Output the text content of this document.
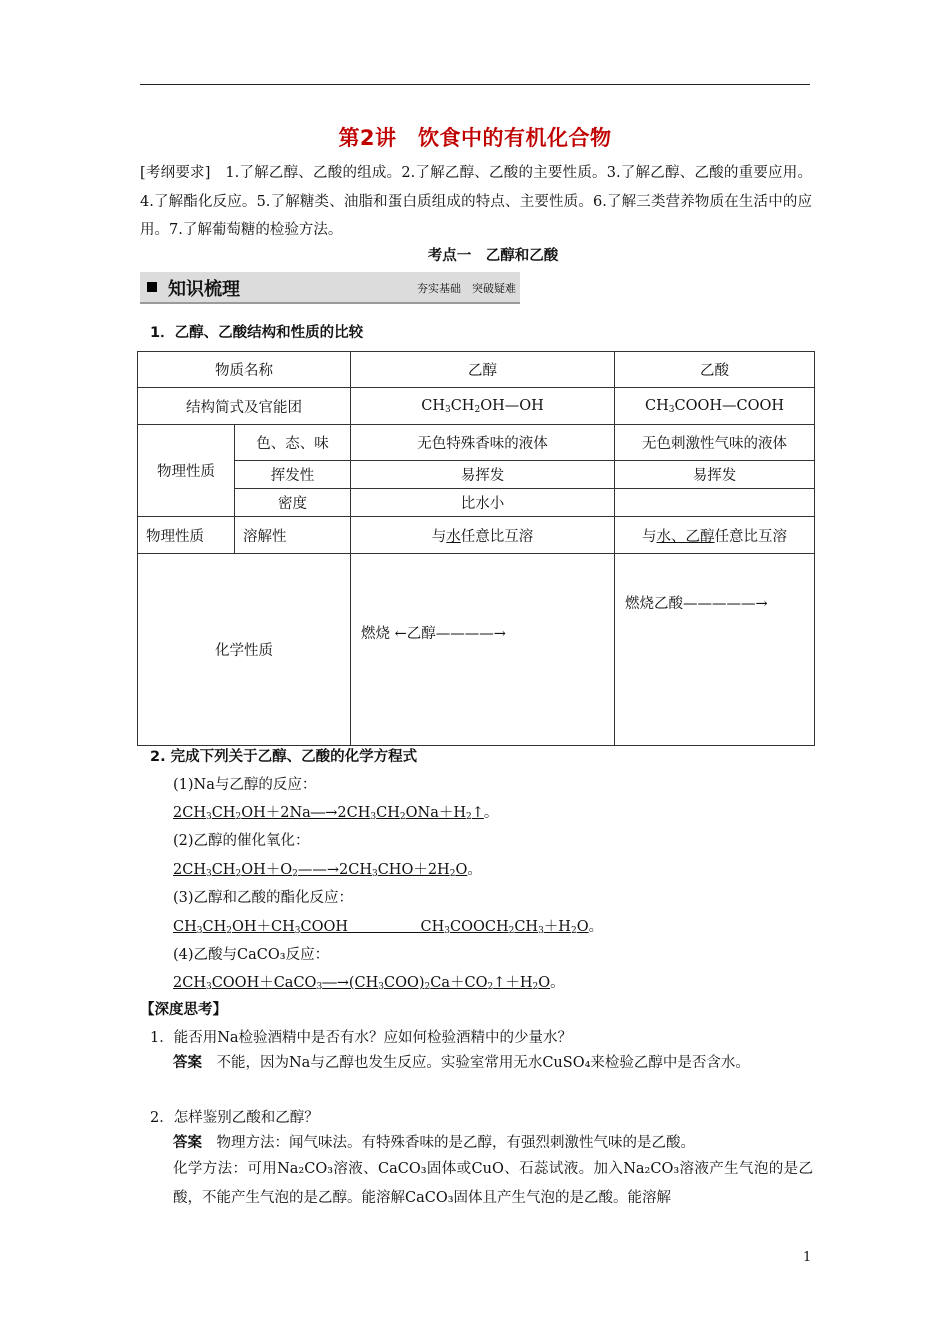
第2讲　饮食中的有机化合物
[考纲要求]　1.了解乙醇、乙酸的组成。2.了解乙醇、乙酸的主要性质。3.了解乙醇、乙酸的重要应用。4.了解酯化反应。5.了解糖类、油脂和蛋白质组成的特点、主要性质。6.了解三类营养物质在生活中的应用。7.了解葡萄糖的检验方法。
考点一　乙醇和乙酸
知识梳理	夯实基础　突破疑难
1．乙醇、乙酸结构和性质的比较
物质名称		乙醇	乙酸
结构简式及官能团		$CH_3CH_2OH—OH$	$CH_3COOH—COOH$
物理性质	色、态、味	无色特殊香味的液体	无色刺激性气味的液体
	挥发性	易挥发	易挥发
	密度	比水小	
物理性质	溶解性	与水任意比互溶	与水、乙醇任意比互溶
化学性质		燃烧 ←乙醇————→	燃烧乙酸—————→
2. 完成下列关于乙醇、乙酸的化学方程式
(1)Na与乙醇的反应：
$2CH_3CH_2OH+2Na―\to 2CH_3CH_2ONa+H_2↑$。
(2)乙醇的催化氧化：
$2CH_3CH_2OH+O_2——\to 2CH_3CHO+2H_2O$。
(3)乙醇和乙酸的酯化反应：
$CH_3CH_2OH+CH_3COOH$　　　　　$CH_3COOCH_2CH_3+H_2O$。
(4)乙酸与CaCO₃反应：
$2CH_3COOH+CaCO_3―\to(CH_3COO)_2Ca+CO_2↑+H_2O$。
【深度思考】
1．能否用Na检验酒精中是否有水？应如何检验酒精中的少量水？
答案　不能，因为Na与乙醇也发生反应。实验室常用无水CuSO₄来检验乙醇中是否含水。
2．怎样鉴别乙酸和乙醇？
答案　物理方法：闻气味法。有特殊香味的是乙醇，有强烈刺激性气味的是乙酸。
化学方法：可用Na₂CO₃溶液、CaCO₃固体或CuO、石蕊试液。加入Na₂CO₃溶液产生气泡的是乙酸，不能产生气泡的是乙醇。能溶解CaCO₃固体且产生气泡的是乙酸。能溶解
1
